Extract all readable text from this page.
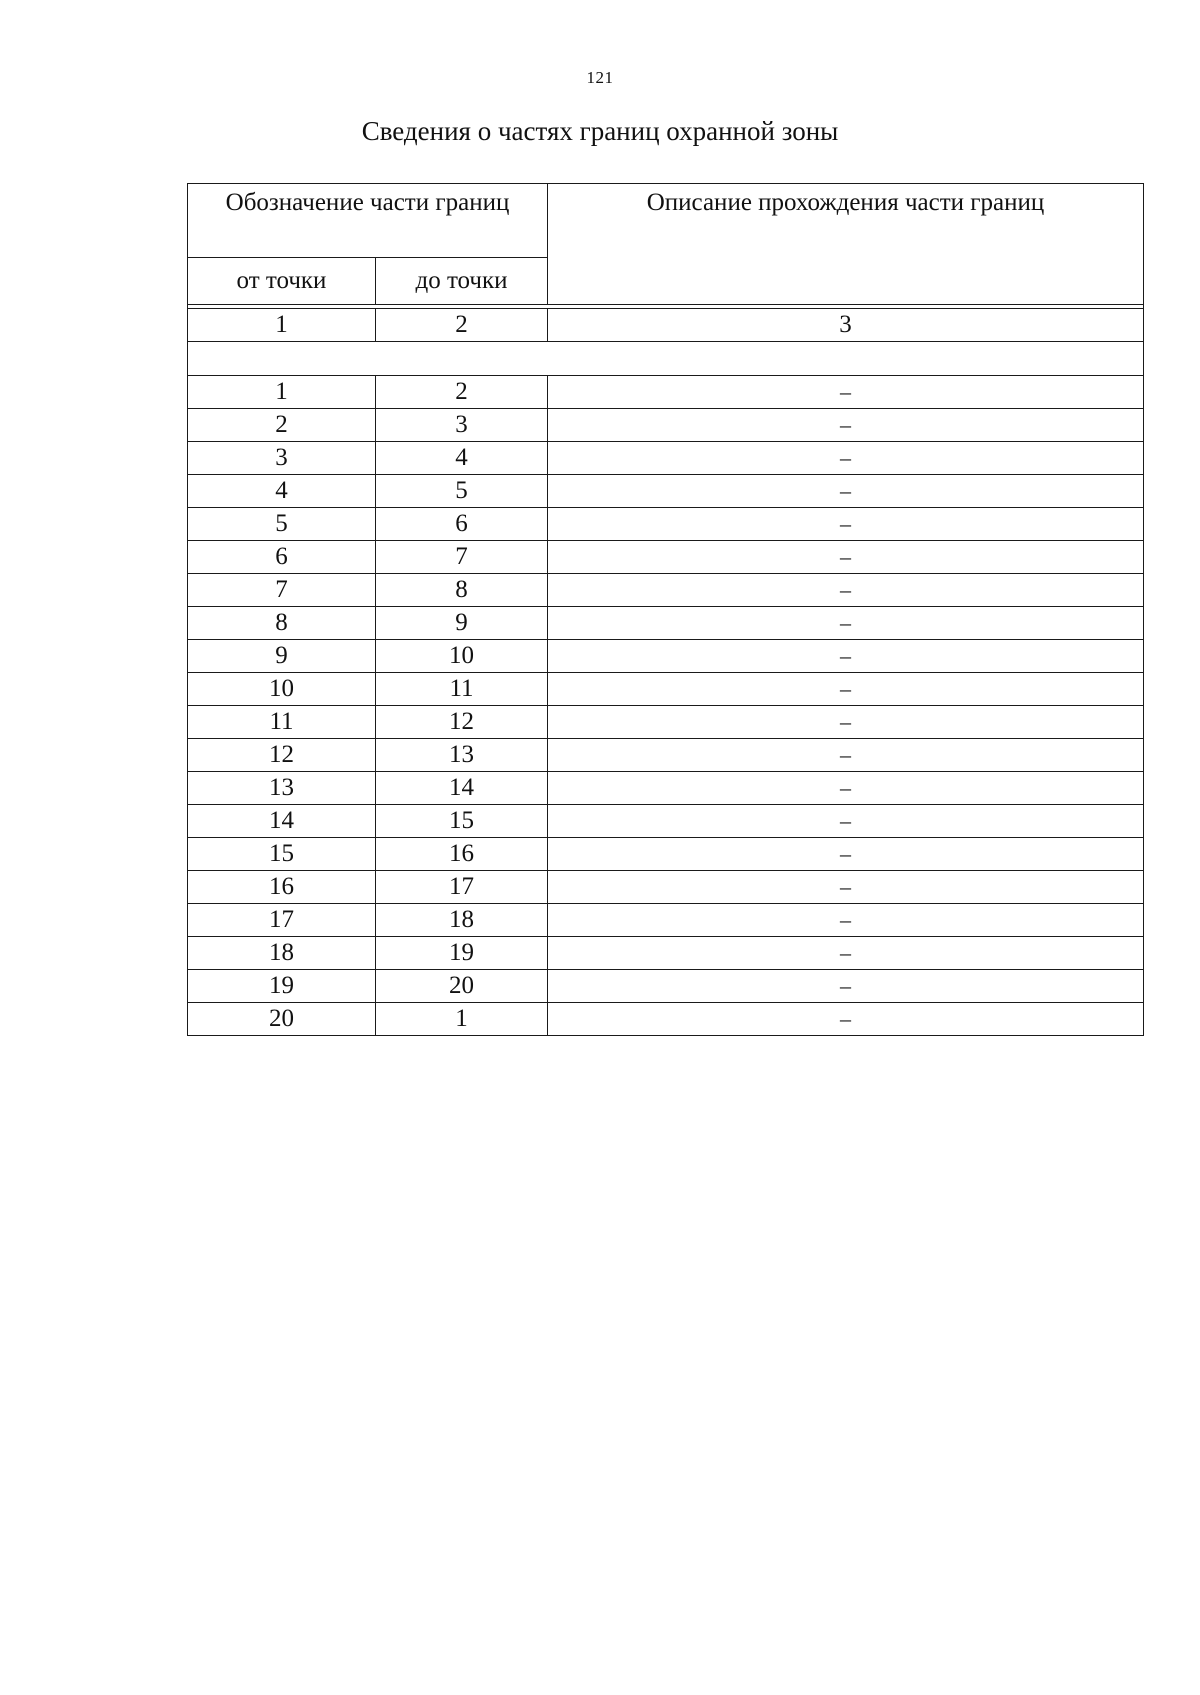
121
Сведения о частях границ охранной зоны
Обозначение части границ		Описание прохождения части границ
от точки	до точки	

1	2	3

1	2	–
2	3	–
3	4	–
4	5	–
5	6	–
6	7	–
7	8	–
8	9	–
9	10	–
10	11	–
11	12	–
12	13	–
13	14	–
14	15	–
15	16	–
16	17	–
17	18	–
18	19	–
19	20	–
20	1	–
